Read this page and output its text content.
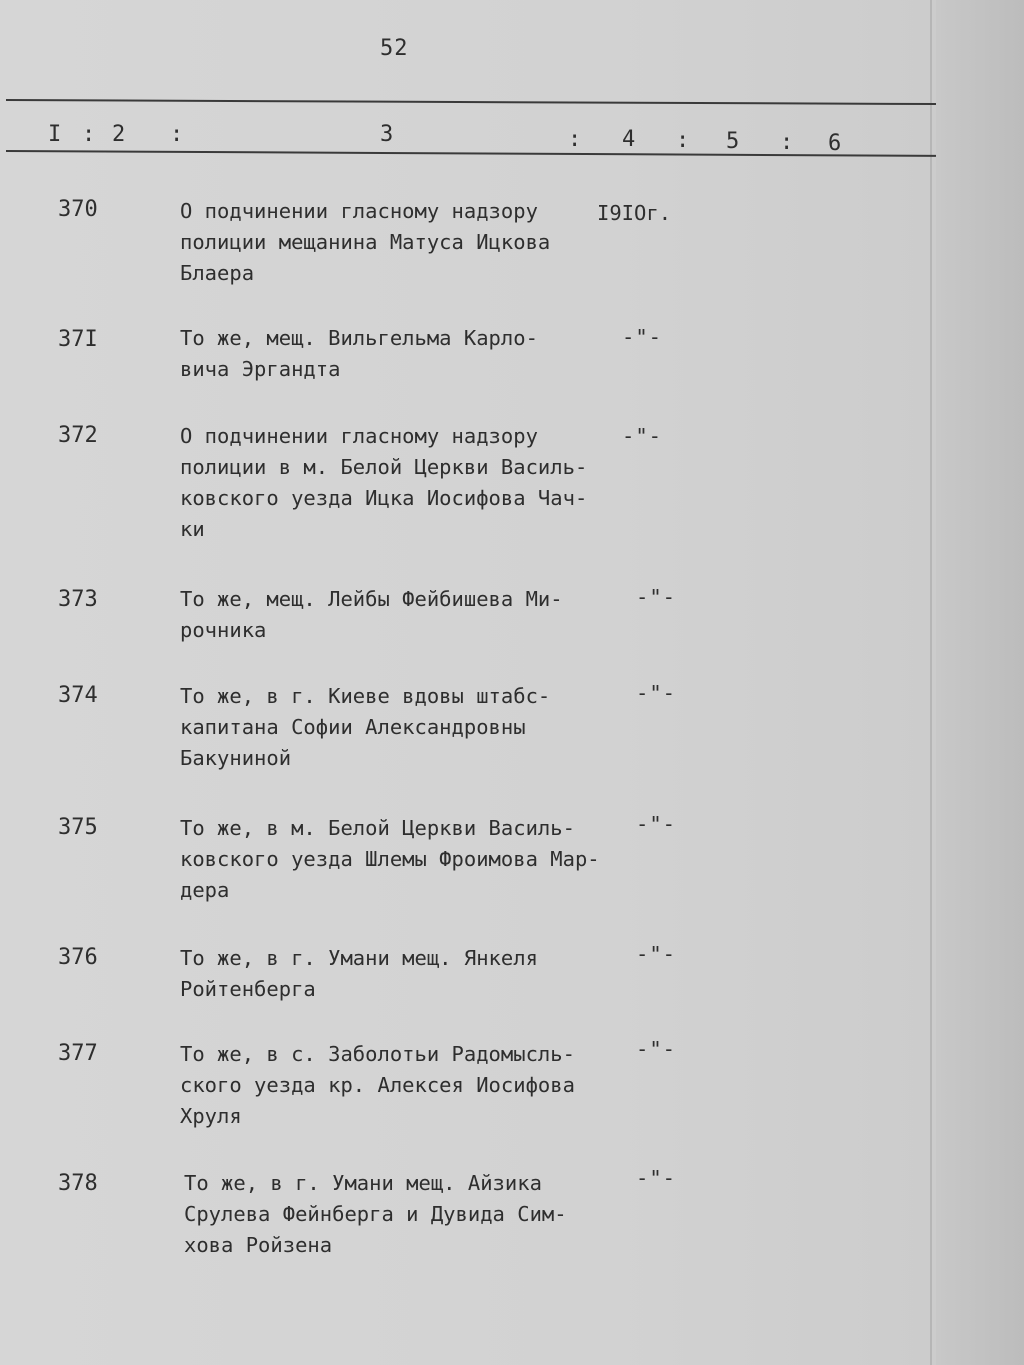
52
I : 2 :	3	: 4 : 5 : 6
370	О подчинении гласному надзору
полиции мещанина Матуса Ицкова
Блаера
I9IOг.
37I	То же, мещ. Вильгельма Карло-
вича Эргандта
-"-
372	О подчинении гласному надзору
полиции в м. Белой Церкви Василь-
ковского уезда Ицка Иосифова Чач-
ки
-"-
373	То же, мещ. Лейбы Фейбишева Ми-
рочника
-"-
374	То же, в г. Киеве вдовы штабс-
капитана Софии Александровны
Бакуниной
-"-
375	То же, в м. Белой Церкви Василь-
ковского уезда Шлемы Фроимова Мар-
дера
-"-
376	То же, в г. Умани мещ. Янкеля
Ройтенберга
-"-
377	То же, в с. Заболотьи Радомысль-
ского уезда кр. Алексея Иосифова
Хруля
-"-
378	То же, в г. Умани мещ. Айзика
Срулева Фейнберга и Дувида Сим-
хова Ройзена
-"-
